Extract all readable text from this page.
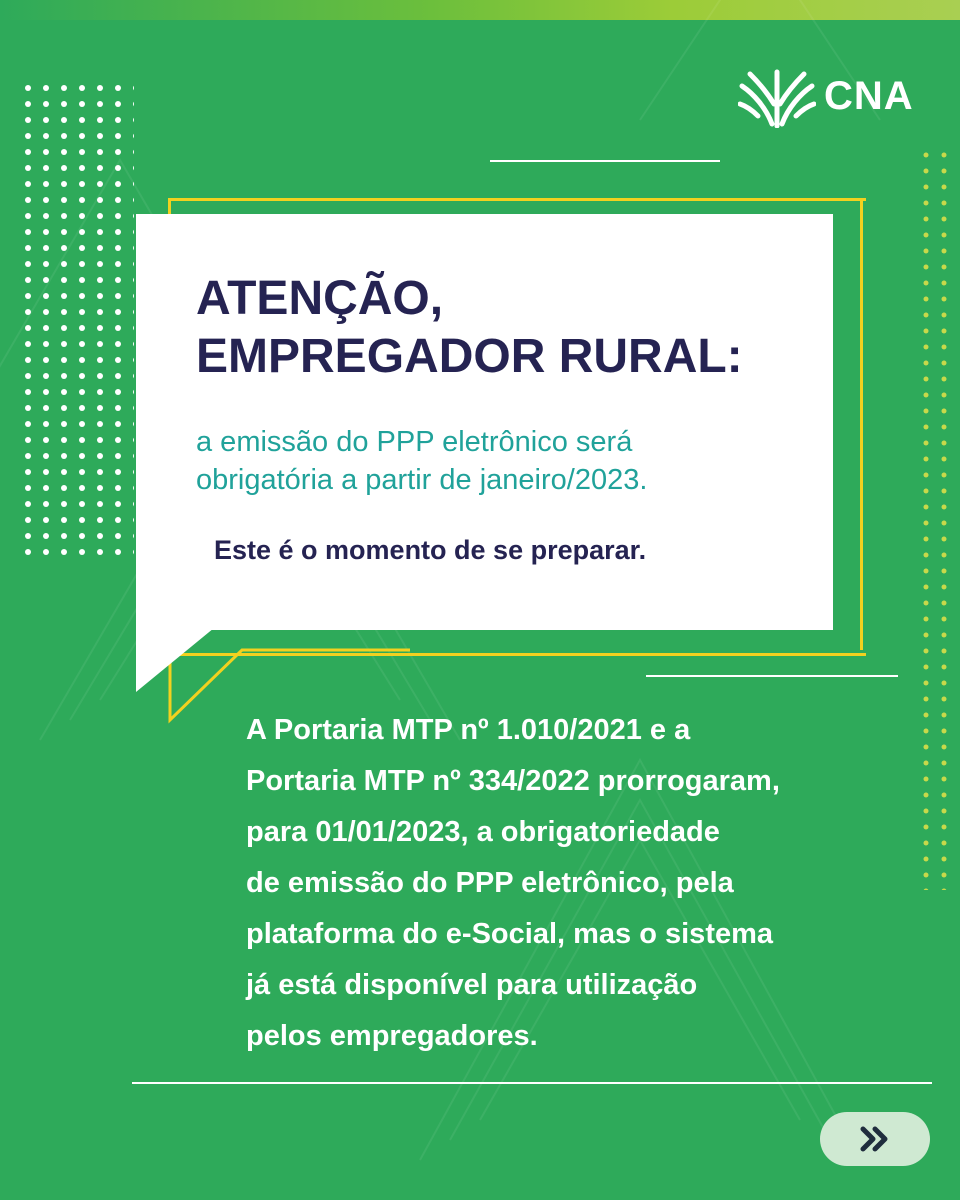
CNA
ATENÇÃO,
EMPREGADOR RURAL:

a emissão do PPP eletrônico será
obrigatória a partir de janeiro/2023.

Este é o momento de se preparar.

A Portaria MTP nº 1.010/2021 e a
Portaria MTP nº 334/2022 prorrogaram,
para 01/01/2023, a obrigatoriedade
de emissão do PPP eletrônico, pela
plataforma do e-Social, mas o sistema
já está disponível para utilização
pelos empregadores.
